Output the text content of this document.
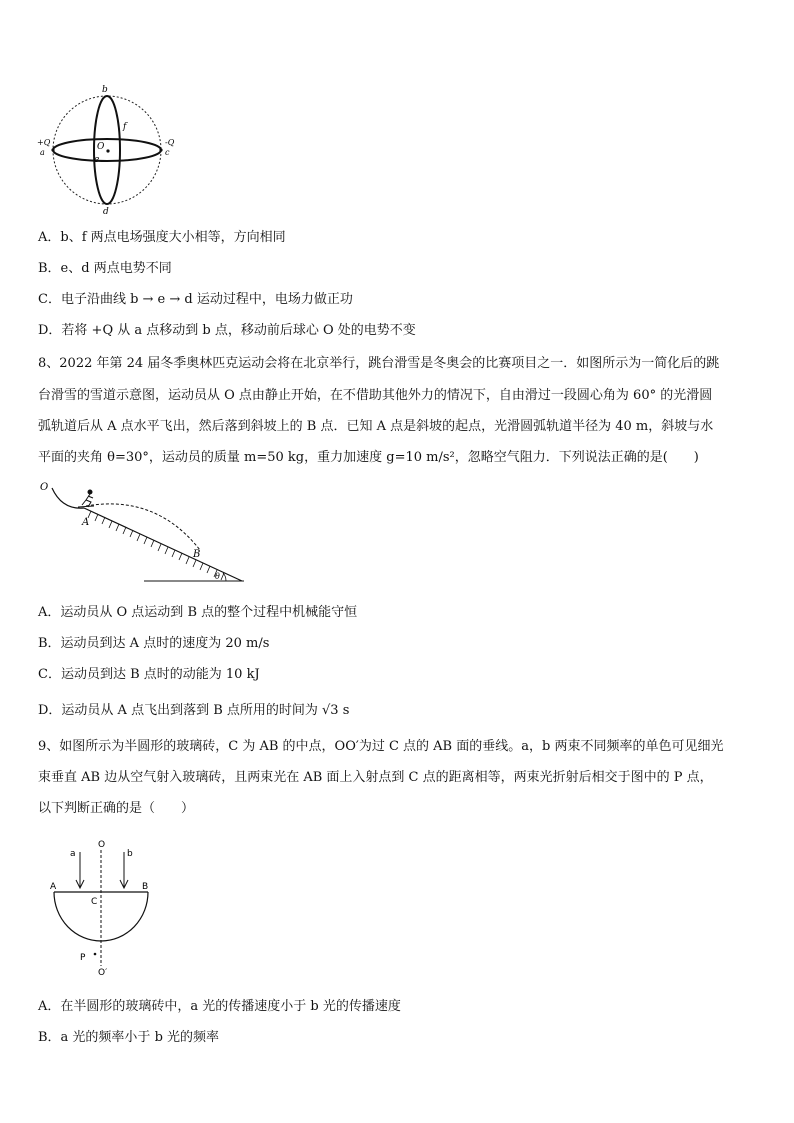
b
f
+Q
a
O
e
-Q
c
d
A．b、f 两点电场强度大小相等，方向相同
B．e、d 两点电势不同
C．电子沿曲线 b → e → d 运动过程中，电场力做正功
D．若将 +Q 从 a 点移动到 b 点，移动前后球心 O 处的电势不变
8、2022 年第 24 届冬季奥林匹克运动会将在北京举行，跳台滑雪是冬奥会的比赛项目之一．如图所示为一简化后的跳
台滑雪的雪道示意图，运动员从 O 点由静止开始，在不借助其他外力的情况下，自由滑过一段圆心角为 60° 的光滑圆
弧轨道后从 A 点水平飞出，然后落到斜坡上的 B 点．已知 A 点是斜坡的起点，光滑圆弧轨道半径为 40 m，斜坡与水
平面的夹角 θ=30°，运动员的质量 m=50 kg，重力加速度 g=10 m/s²，忽略空气阻力．下列说法正确的是(　　)
O
A
B
θ
A．运动员从 O 点运动到 B 点的整个过程中机械能守恒
B．运动员到达 A 点时的速度为 20 m/s
C．运动员到达 B 点时的动能为 10 kJ
D．运动员从 A 点飞出到落到 B 点所用的时间为 √3 s
9、如图所示为半圆形的玻璃砖，C 为 AB 的中点，OO′为过 C 点的 AB 面的垂线。a，b 两束不同频率的单色可见细光
束垂直 AB 边从空气射入玻璃砖，且两束光在 AB 面上入射点到 C 点的距离相等，两束光折射后相交于图中的 P 点，
以下判断正确的是（　　）
a
O
b
A
C
B
P
O′
A．在半圆形的玻璃砖中，a 光的传播速度小于 b 光的传播速度
B．a 光的频率小于 b 光的频率
